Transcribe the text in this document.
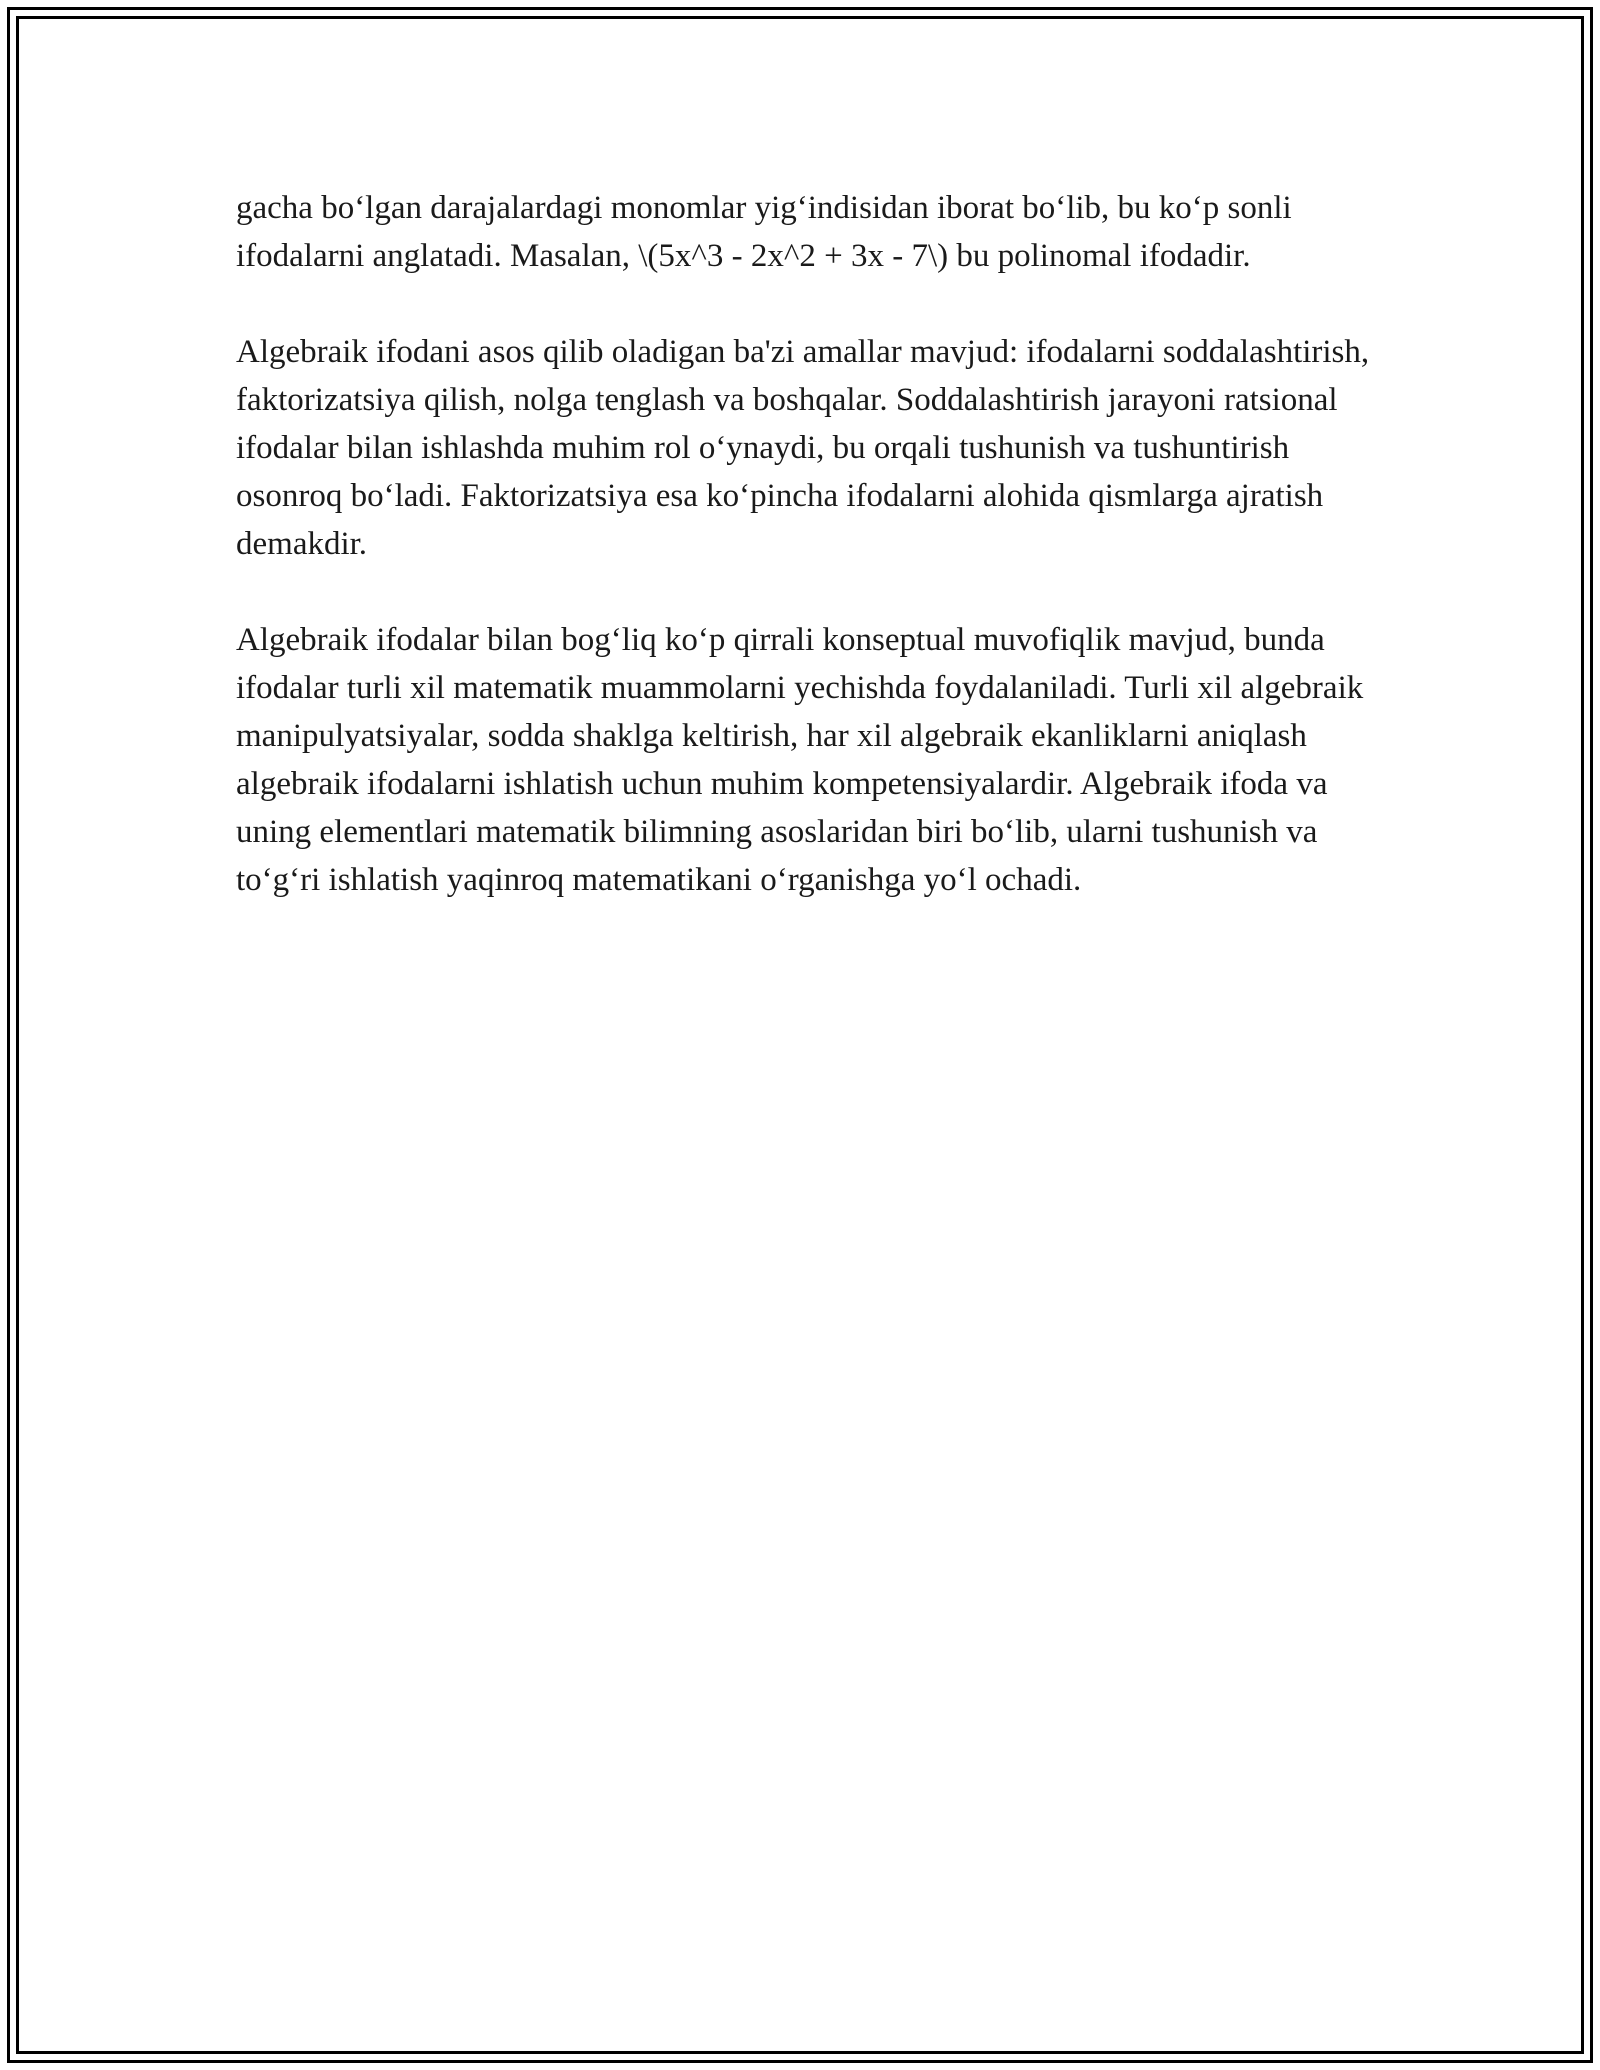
gacha bo‘lgan darajalardagi monomlar yig‘indisidan iborat bo‘lib, bu ko‘p sonli ifodalarni anglatadi. Masalan, \(5x^3 - 2x^2 + 3x - 7\) bu polinomal ifodadir.

Algebraik ifodani asos qilib oladigan ba'zi amallar mavjud: ifodalarni soddalashtirish, faktorizatsiya qilish, nolga tenglash va boshqalar. Soddalashtirish jarayoni ratsional ifodalar bilan ishlashda muhim rol o‘ynaydi, bu orqali tushunish va tushuntirish osonroq bo‘ladi. Faktorizatsiya esa ko‘pincha ifodalarni alohida qismlarga ajratish demakdir.

Algebraik ifodalar bilan bog‘liq ko‘p qirrali konseptual muvofiqlik mavjud, bunda ifodalar turli xil matematik muammolarni yechishda foydalaniladi. Turli xil algebraik manipulyatsiyalar, sodda shaklga keltirish, har xil algebraik ekanliklarni aniqlash algebraik ifodalarni ishlatish uchun muhim kompetensiyalardir. Algebraik ifoda va uning elementlari matematik bilimning asoslaridan biri bo‘lib, ularni tushunish va to‘g‘ri ishlatish yaqinroq matematikani o‘rganishga yo‘l ochadi.
